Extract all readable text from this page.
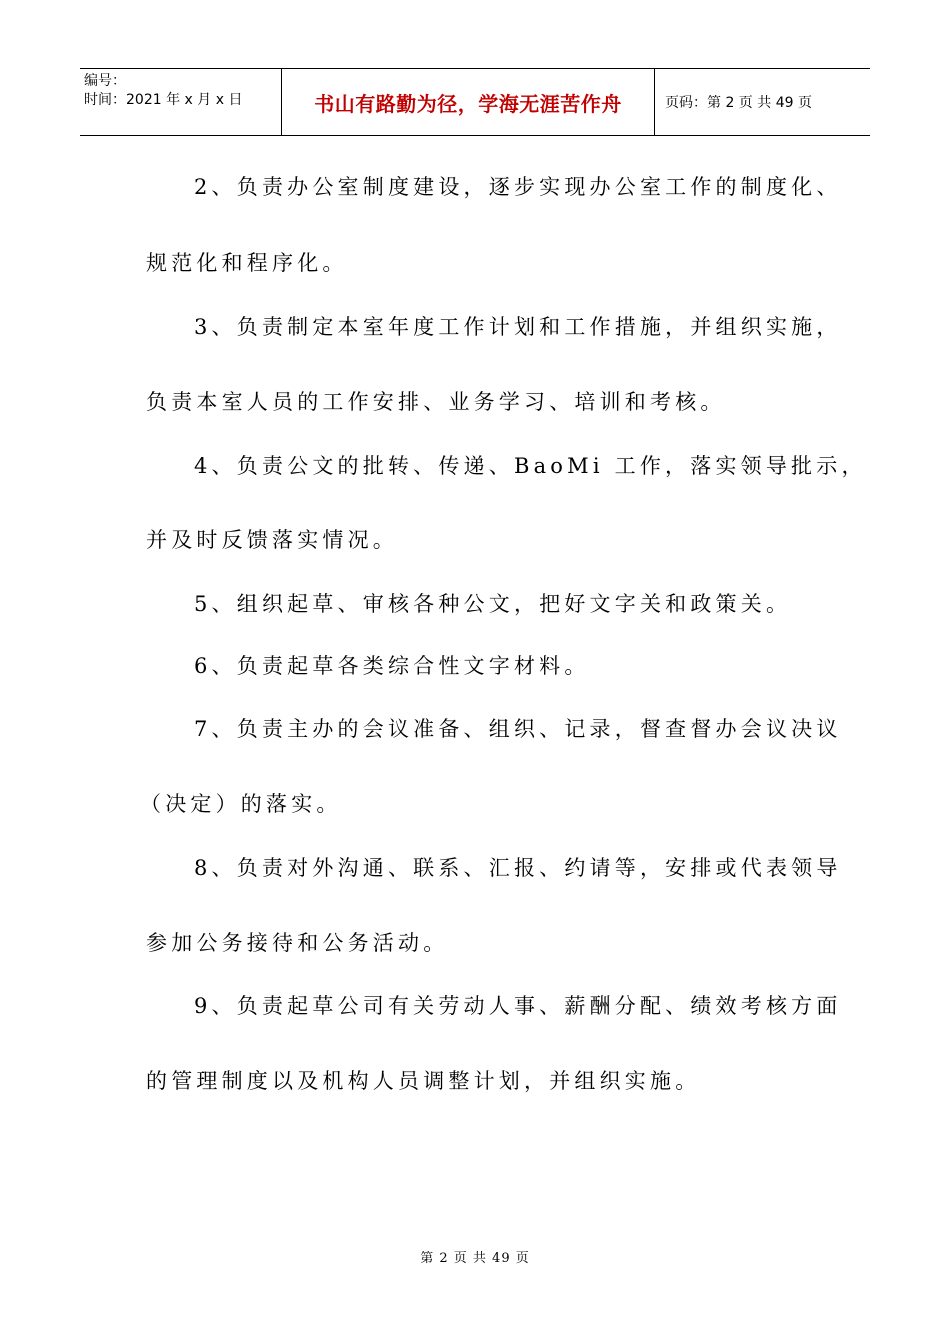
编号：
时间：2021 年 x 月 x 日	书山有路勤为径，学海无涯苦作舟	页码：第 2 页 共 49 页
2、负责办公室制度建设，逐步实现办公室工作的制度化、
规范化和程序化。
3、负责制定本室年度工作计划和工作措施，并组织实施，
负责本室人员的工作安排、业务学习、培训和考核。
4、负责公文的批转、传递、BaoMi 工作，落实领导批示，
并及时反馈落实情况。
5、组织起草、审核各种公文，把好文字关和政策关。
6、负责起草各类综合性文字材料。
7、负责主办的会议准备、组织、记录，督查督办会议决议
（决定）的落实。
8、负责对外沟通、联系、汇报、约请等，安排或代表领导
参加公务接待和公务活动。
9、负责起草公司有关劳动人事、薪酬分配、绩效考核方面
的管理制度以及机构人员调整计划，并组织实施。
第 2 页 共 49 页
